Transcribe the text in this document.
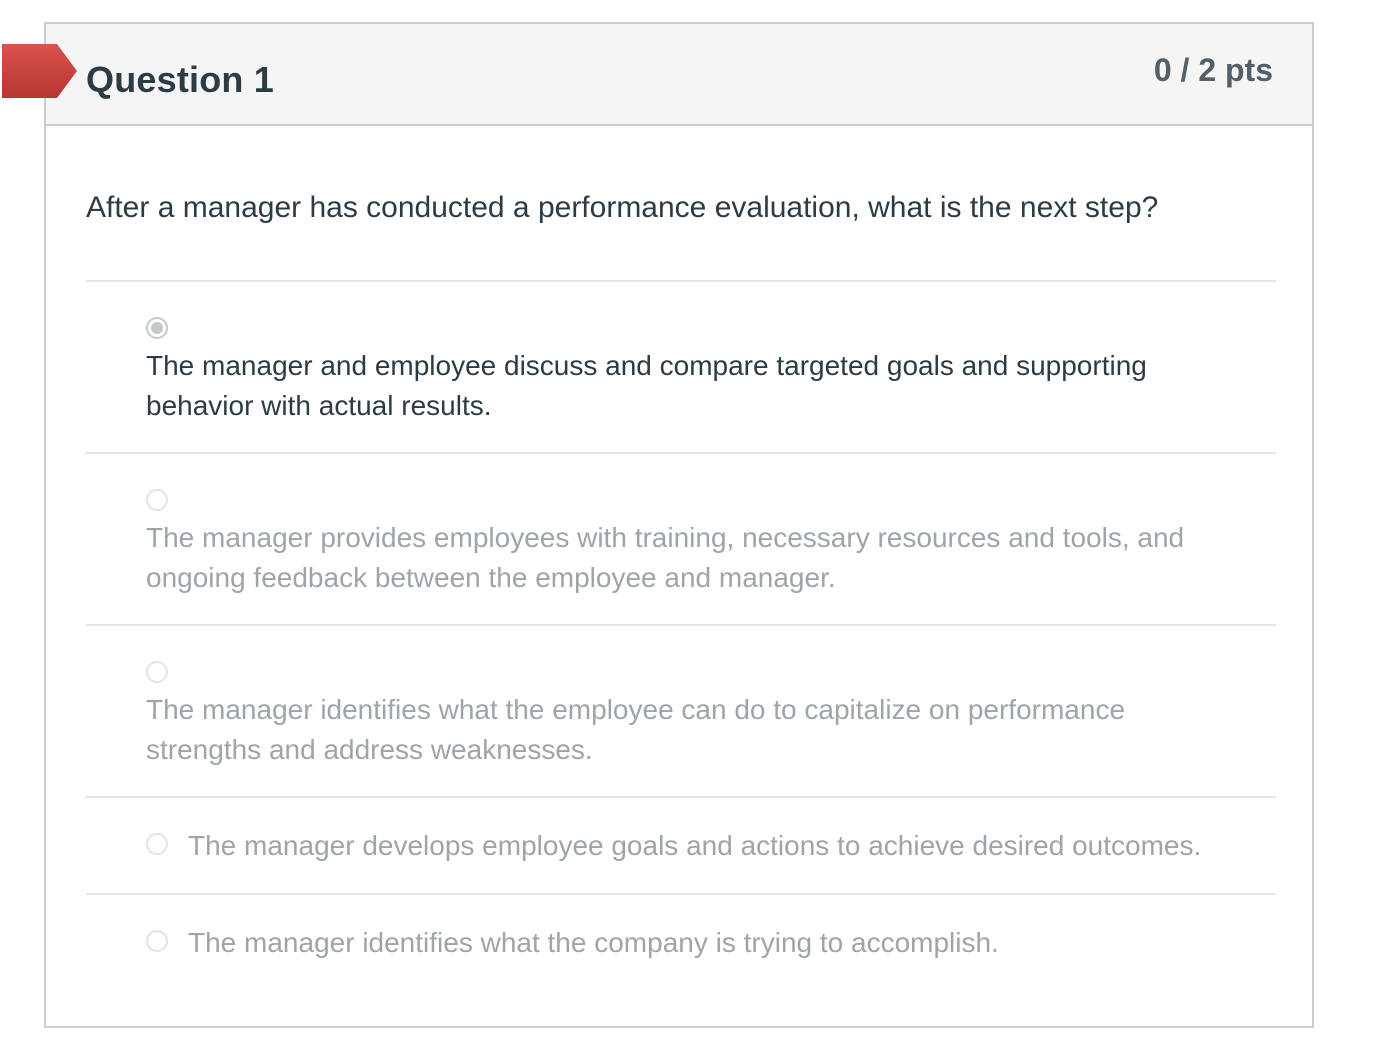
Question 1	0 / 2 pts
After a manager has conducted a performance evaluation, what is the next step?
The manager and employee discuss and compare targeted goals and supporting behavior with actual results.
The manager provides employees with training, necessary resources and tools, and ongoing feedback between the employee and manager.
The manager identifies what the employee can do to capitalize on performance strengths and address weaknesses.
The manager develops employee goals and actions to achieve desired outcomes.
The manager identifies what the company is trying to accomplish.
